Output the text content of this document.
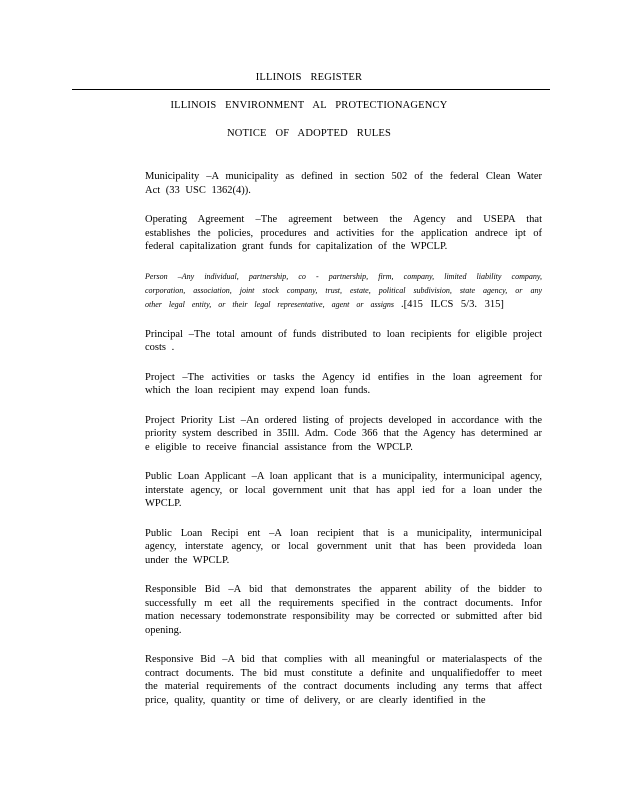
ILLINOIS REGISTER
ILLINOIS ENVIRONMENT AL PROTECTIONAGENCY
NOTICE OF ADOPTED RULES

Municipality –A municipality as defined in section 502 of the federal Clean Water Act (33 USC 1362(4)).

Operating Agreement –The agreement between the Agency and USEPA that establishes the policies, procedures and activities for the application andrece ipt of federal capitalization grant funds for capitalization of the WPCLP.

Person –Any individual, partnership, co - partnership, firm, company, limited liability company, corporation, association, joint stock company, trust, estate, political subdivision, state agency, or any other legal entity, or their legal representative, agent or assigns .[415 ILCS 5/3. 315]

Principal –The total amount of funds distributed to loan recipients for eligible project costs .

Project –The activities or tasks the Agency id entifies in the loan agreement for which the loan recipient may expend loan funds.

Project Priority List –An ordered listing of projects developed in accordance with the priority system described in 35Ill. Adm. Code 366 that the Agency has determined ar e eligible to receive financial assistance from the WPCLP.

Public Loan Applicant –A loan applicant that is a municipality, intermunicipal agency, interstate agency, or local government unit that has appl ied for a loan under the WPCLP.

Public Loan Recipi ent –A loan recipient that is a municipality, intermunicipal agency, interstate agency, or local government unit that has been provideda loan under the WPCLP.

Responsible Bid –A bid that demonstrates the apparent ability of the bidder to successfully m eet all the requirements specified in the contract documents. Infor mation necessary todemonstrate responsibility may be corrected or submitted after bid opening.

Responsive Bid –A bid that complies with all meaningful or materialaspects of the contract documents. The bid must constitute a definite and unqualifiedoffer to meet the material requirements of the contract documents including any terms that affect price, quality, quantity or time of delivery, or are clearly identified in the
